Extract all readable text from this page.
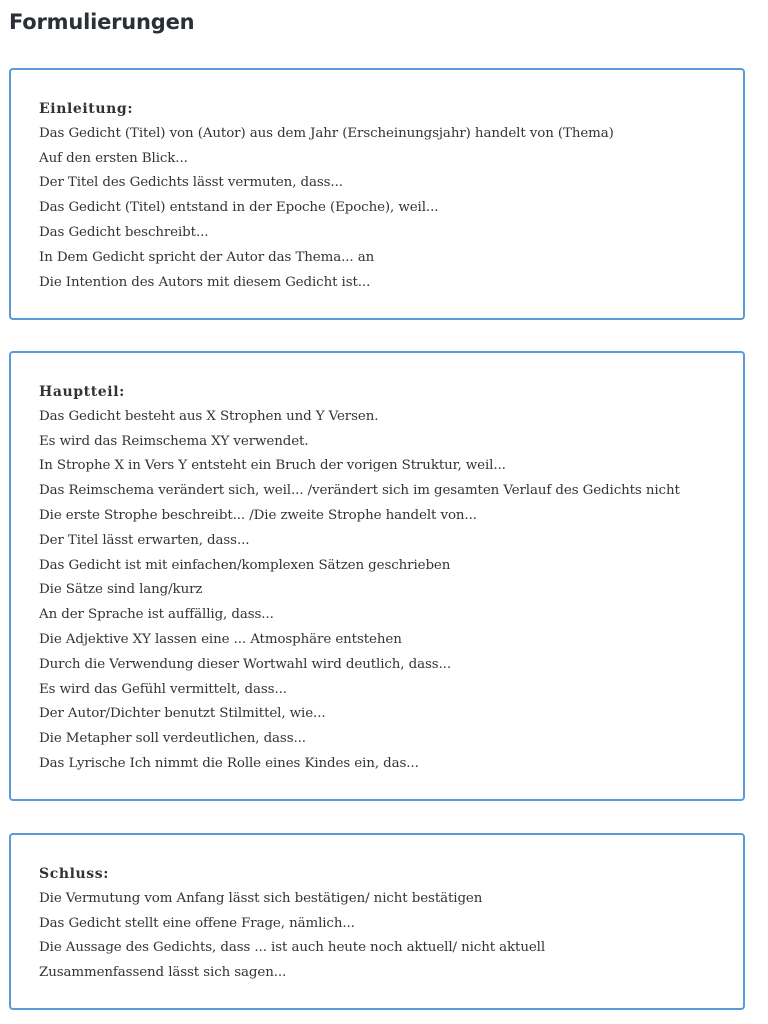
Formulierungen

Einleitung:

Das Gedicht (Titel) von (Autor) aus dem Jahr (Erscheinungsjahr) handelt von (Thema)
Auf den ersten Blick...
Der Titel des Gedichts lässt vermuten, dass...
Das Gedicht (Titel) entstand in der Epoche (Epoche), weil...
Das Gedicht beschreibt...
In Dem Gedicht spricht der Autor das Thema... an
Die Intention des Autors mit diesem Gedicht ist...

Hauptteil:

Das Gedicht besteht aus X Strophen und Y Versen.
Es wird das Reimschema XY verwendet.
In Strophe X in Vers Y entsteht ein Bruch der vorigen Struktur, weil...
Das Reimschema verändert sich, weil... /verändert sich im gesamten Verlauf des Gedichts nicht
Die erste Strophe beschreibt... /Die zweite Strophe handelt von...
Der Titel lässt erwarten, dass...
Das Gedicht ist mit einfachen/komplexen Sätzen geschrieben
Die Sätze sind lang/kurz
An der Sprache ist auffällig, dass...
Die Adjektive XY lassen eine ... Atmosphäre entstehen
Durch die Verwendung dieser Wortwahl wird deutlich, dass...
Es wird das Gefühl vermittelt, dass...
Der Autor/Dichter benutzt Stilmittel, wie...
Die Metapher soll verdeutlichen, dass...
Das Lyrische Ich nimmt die Rolle eines Kindes ein, das...

Schluss:

Die Vermutung vom Anfang lässt sich bestätigen/ nicht bestätigen
Das Gedicht stellt eine offene Frage, nämlich...
Die Aussage des Gedichts, dass ... ist auch heute noch aktuell/ nicht aktuell
Zusammenfassend lässt sich sagen...
